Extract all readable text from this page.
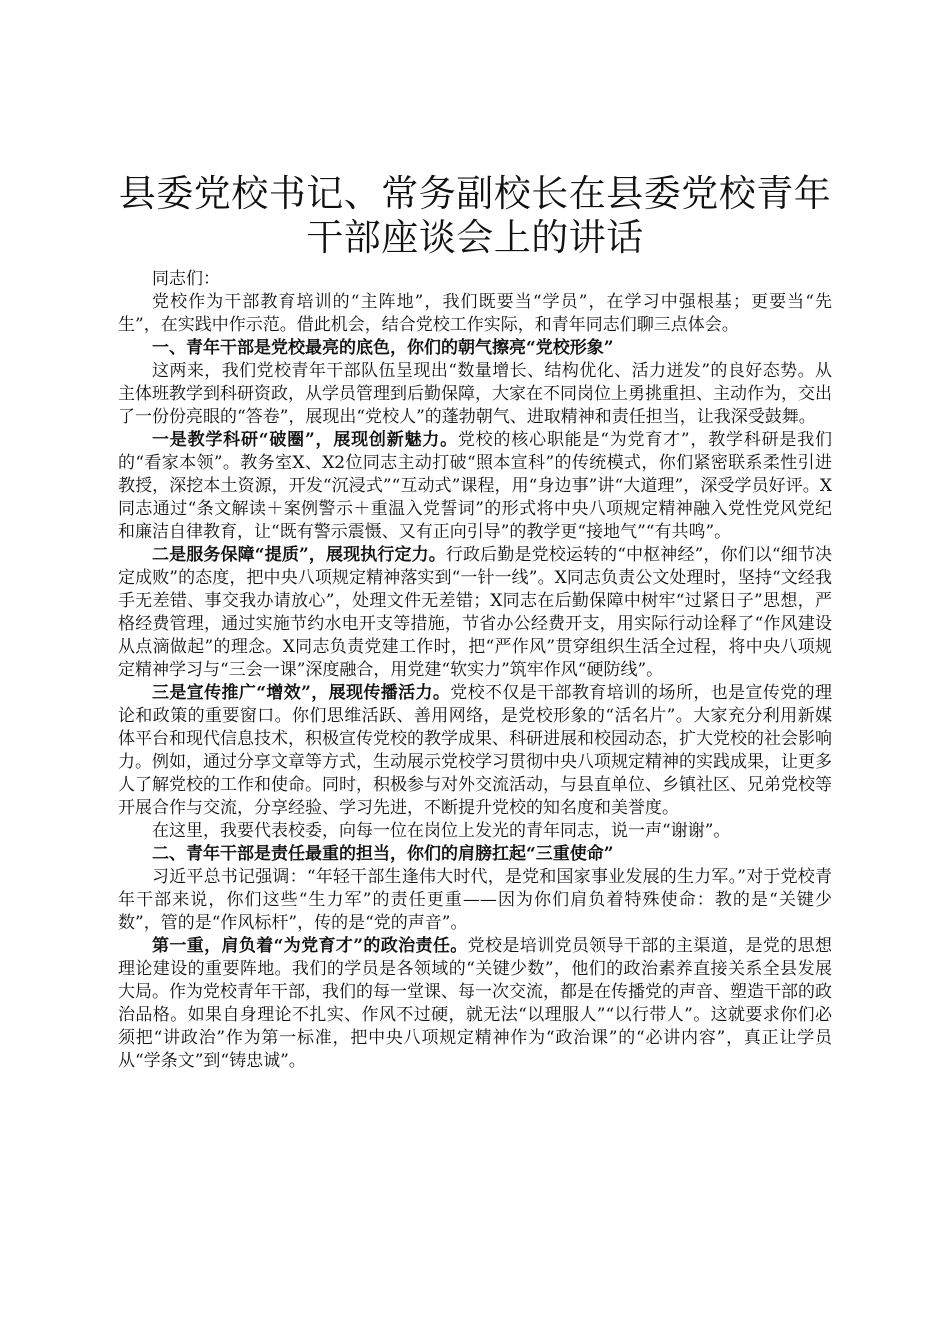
县委党校书记、常务副校长在县委党校青年干部座谈会上的讲话

同志们：

党校作为干部教育培训的“主阵地”，我们既要当“学员”，在学习中强根基；更要当“先生”，在实践中作示范。借此机会，结合党校工作实际，和青年同志们聊三点体会。

一、青年干部是党校最亮的底色，你们的朝气擦亮“党校形象”

这两来，我们党校青年干部队伍呈现出“数量增长、结构优化、活力迸发”的良好态势。从主体班教学到科研资政，从学员管理到后勤保障，大家在不同岗位上勇挑重担、主动作为，交出了一份份亮眼的“答卷”，展现出“党校人”的蓬勃朝气、进取精神和责任担当，让我深受鼓舞。

一是教学科研“破圈”，展现创新魅力。党校的核心职能是“为党育才”，教学科研是我们的“看家本领”。教务室X、X2位同志主动打破“照本宣科”的传统模式，你们紧密联系柔性引进教授，深挖本土资源，开发“沉浸式”“互动式”课程，用“身边事”讲“大道理”，深受学员好评。X同志通过“条文解读＋案例警示＋重温入党誓词”的形式将中央八项规定精神融入党性党风党纪和廉洁自律教育，让“既有警示震慑、又有正向引导”的教学更“接地气”“有共鸣”。

二是服务保障“提质”，展现执行定力。行政后勤是党校运转的“中枢神经”，你们以“细节决定成败”的态度，把中央八项规定精神落实到“一针一线”。X同志负责公文处理时，坚持“文经我手无差错、事交我办请放心”，处理文件无差错；X同志在后勤保障中树牢“过紧日子”思想，严格经费管理，通过实施节约水电开支等措施，节省办公经费开支，用实际行动诠释了“作风建设从点滴做起”的理念。X同志负责党建工作时，把“严作风”贯穿组织生活全过程，将中央八项规定精神学习与“三会一课”深度融合，用党建“软实力”筑牢作风“硬防线”。

三是宣传推广“增效”，展现传播活力。党校不仅是干部教育培训的场所，也是宣传党的理论和政策的重要窗口。你们思维活跃、善用网络，是党校形象的“活名片”。大家充分利用新媒体平台和现代信息技术，积极宣传党校的教学成果、科研进展和校园动态，扩大党校的社会影响力。例如，通过分享文章等方式，生动展示党校学习贯彻中央八项规定精神的实践成果，让更多人了解党校的工作和使命。同时，积极参与对外交流活动，与县直单位、乡镇社区、兄弟党校等开展合作与交流，分享经验、学习先进，不断提升党校的知名度和美誉度。

在这里，我要代表校委，向每一位在岗位上发光的青年同志，说一声“谢谢”。

二、青年干部是责任最重的担当，你们的肩膀扛起“三重使命”

习近平总书记强调：“年轻干部生逢伟大时代，是党和国家事业发展的生力军。”对于党校青年干部来说，你们这些“生力军”的责任更重——因为你们肩负着特殊使命：教的是“关键少数”，管的是“作风标杆”，传的是“党的声音”。

第一重，肩负着“为党育才”的政治责任。党校是培训党员领导干部的主渠道，是党的思想理论建设的重要阵地。我们的学员是各领域的“关键少数”，他们的政治素养直接关系全县发展大局。作为党校青年干部，我们的每一堂课、每一次交流，都是在传播党的声音、塑造干部的政治品格。如果自身理论不扎实、作风不过硬，就无法“以理服人”“以行带人”。这就要求你们必须把“讲政治”作为第一标准，把中央八项规定精神作为“政治课”的“必讲内容”，真正让学员从“学条文”到“铸忠诚”。
